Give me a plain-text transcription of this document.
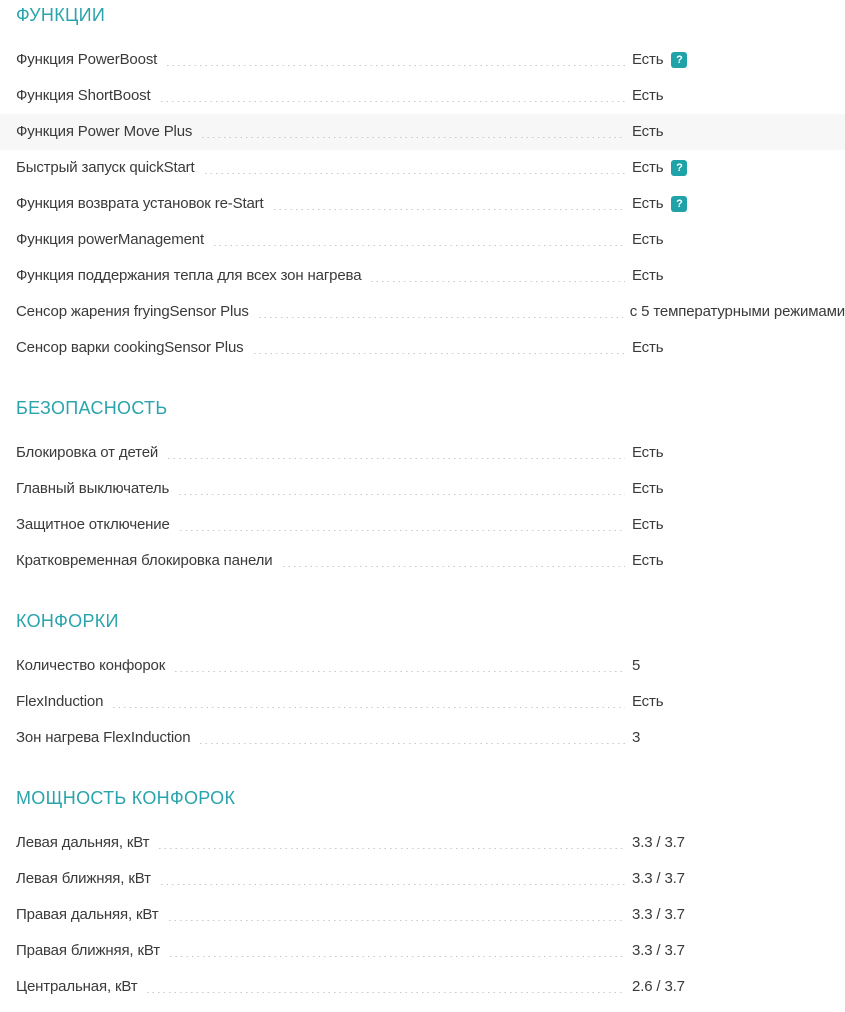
ФУНКЦИИ
Функция PowerBoost	Есть	?
Функция ShortBoost	Есть
Функция Power Move Plus	Есть
Быстрый запуск quickStart	Есть	?
Функция возврата установок re-Start	Есть	?
Функция powerManagement	Есть
Функция поддержания тепла для всех зон нагрева	Есть
Сенсор жарения fryingSensor Plus	с 5 температурными режимами
Сенсор варки cookingSensor Plus	Есть
БЕЗОПАСНОСТЬ
Блокировка от детей	Есть
Главный выключатель	Есть
Защитное отключение	Есть
Кратковременная блокировка панели	Есть
КОНФОРКИ
Количество конфорок	5
FlexInduction	Есть
Зон нагрева FlexInduction	3
МОЩНОСТЬ КОНФОРОК
Левая дальняя, кВт	3.3 / 3.7
Левая ближняя, кВт	3.3 / 3.7
Правая дальняя, кВт	3.3 / 3.7
Правая ближняя, кВт	3.3 / 3.7
Центральная, кВт	2.6 / 3.7
